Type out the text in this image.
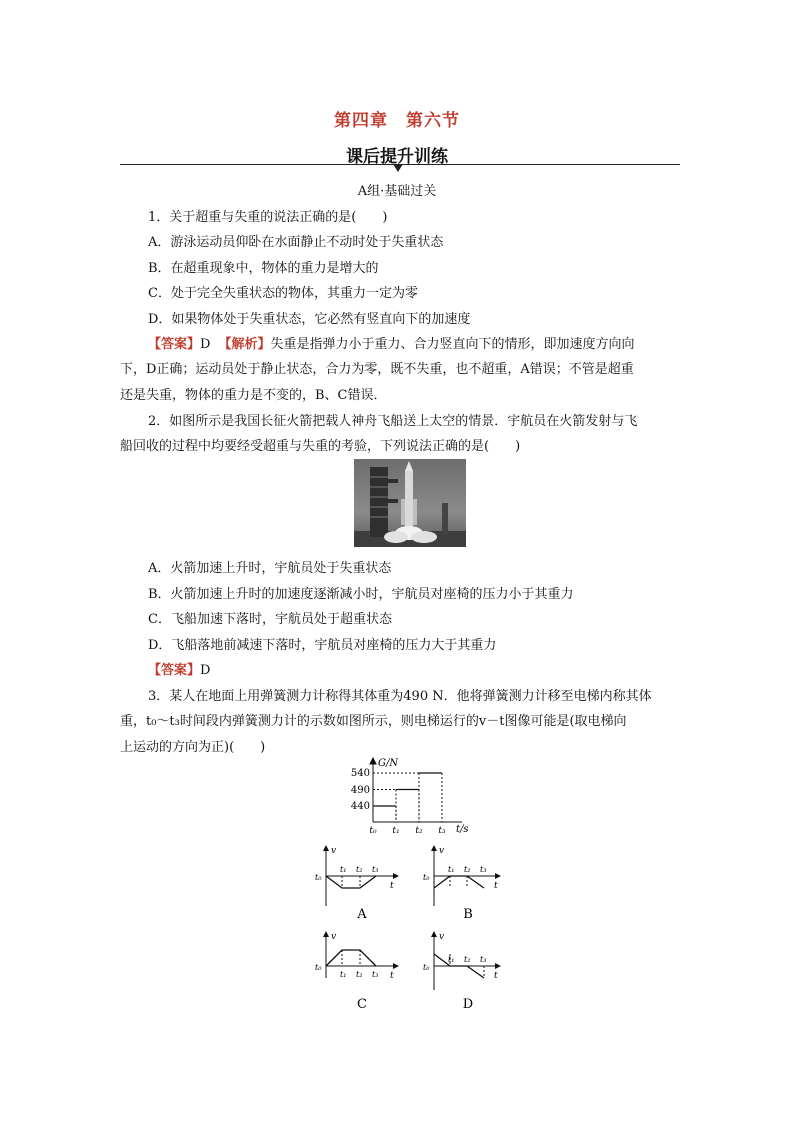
第四章　第六节
课后提升训练
A组·基础过关
1．关于超重与失重的说法正确的是(　　)
A．游泳运动员仰卧在水面静止不动时处于失重状态
B．在超重现象中，物体的重力是增大的
C．处于完全失重状态的物体，其重力一定为零
D．如果物体处于失重状态，它必然有竖直向下的加速度
【答案】D 【解析】失重是指弹力小于重力、合力竖直向下的情形，即加速度方向向
下，D正确；运动员处于静止状态，合力为零，既不失重，也不超重，A错误；不管是超重
还是失重，物体的重力是不变的，B、C错误．
2．如图所示是我国长征火箭把载人神舟飞船送上太空的情景．宇航员在火箭发射与飞
船回收的过程中均要经受超重与失重的考验，下列说法正确的是(　　)
A．火箭加速上升时，宇航员处于失重状态
B．火箭加速上升时的加速度逐渐减小时，宇航员对座椅的压力小于其重力
C．飞船加速下落时，宇航员处于超重状态
D．飞船落地前减速下落时，宇航员对座椅的压力大于其重力
【答案】D
3．某人在地面上用弹簧测力计称得其体重为490 N．他将弹簧测力计移至电梯内称其体
重，t₀～t₃时间段内弹簧测力计的示数如图所示，则电梯运行的v－t图像可能是(取电梯向
上运动的方向为正)(　　)
G/N
t/s
540
490
440
t₀ t₁ t₂ t₃
v
t
t₀
t₁ t₂ t₃
A
v
t
t₀
t₁ t₂ t₃
B
v
t
t₀
t₁ t₂ t₃
C
v
t
t₀
t₁ t₂ t₃
D
